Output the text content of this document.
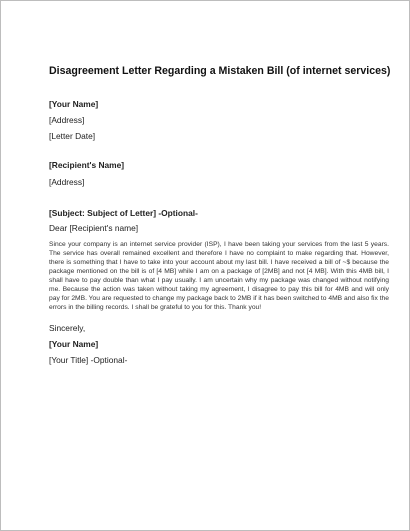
Disagreement Letter Regarding a Mistaken Bill (of internet services)
[Your Name]
[Address]
[Letter Date]
[Recipient's Name]
[Address]
[Subject: Subject of Letter] -Optional-
Dear [Recipient's name]
Since your company is an internet service provider (ISP), I have been taking your services from the last 5 years. The service has overall remained excellent and therefore I have no complaint to make regarding that. However, there is something that I have to take into your account about my last bill. I have received a bill of ~$ because the package mentioned on the bill is of [4 MB] while I am on a package of [2MB] and not [4 MB]. With this 4MB bill, I shall have to pay double than what I pay usually. I am uncertain why my package was changed without notifying me. Because the action was taken without taking my agreement, I disagree to pay this bill for 4MB and will only pay for 2MB. You are requested to change my package back to 2MB if it has been switched to 4MB and also fix the errors in the billing records. I shall be grateful to you for this. Thank you!
Sincerely,
[Your Name]
[Your Title] -Optional-
